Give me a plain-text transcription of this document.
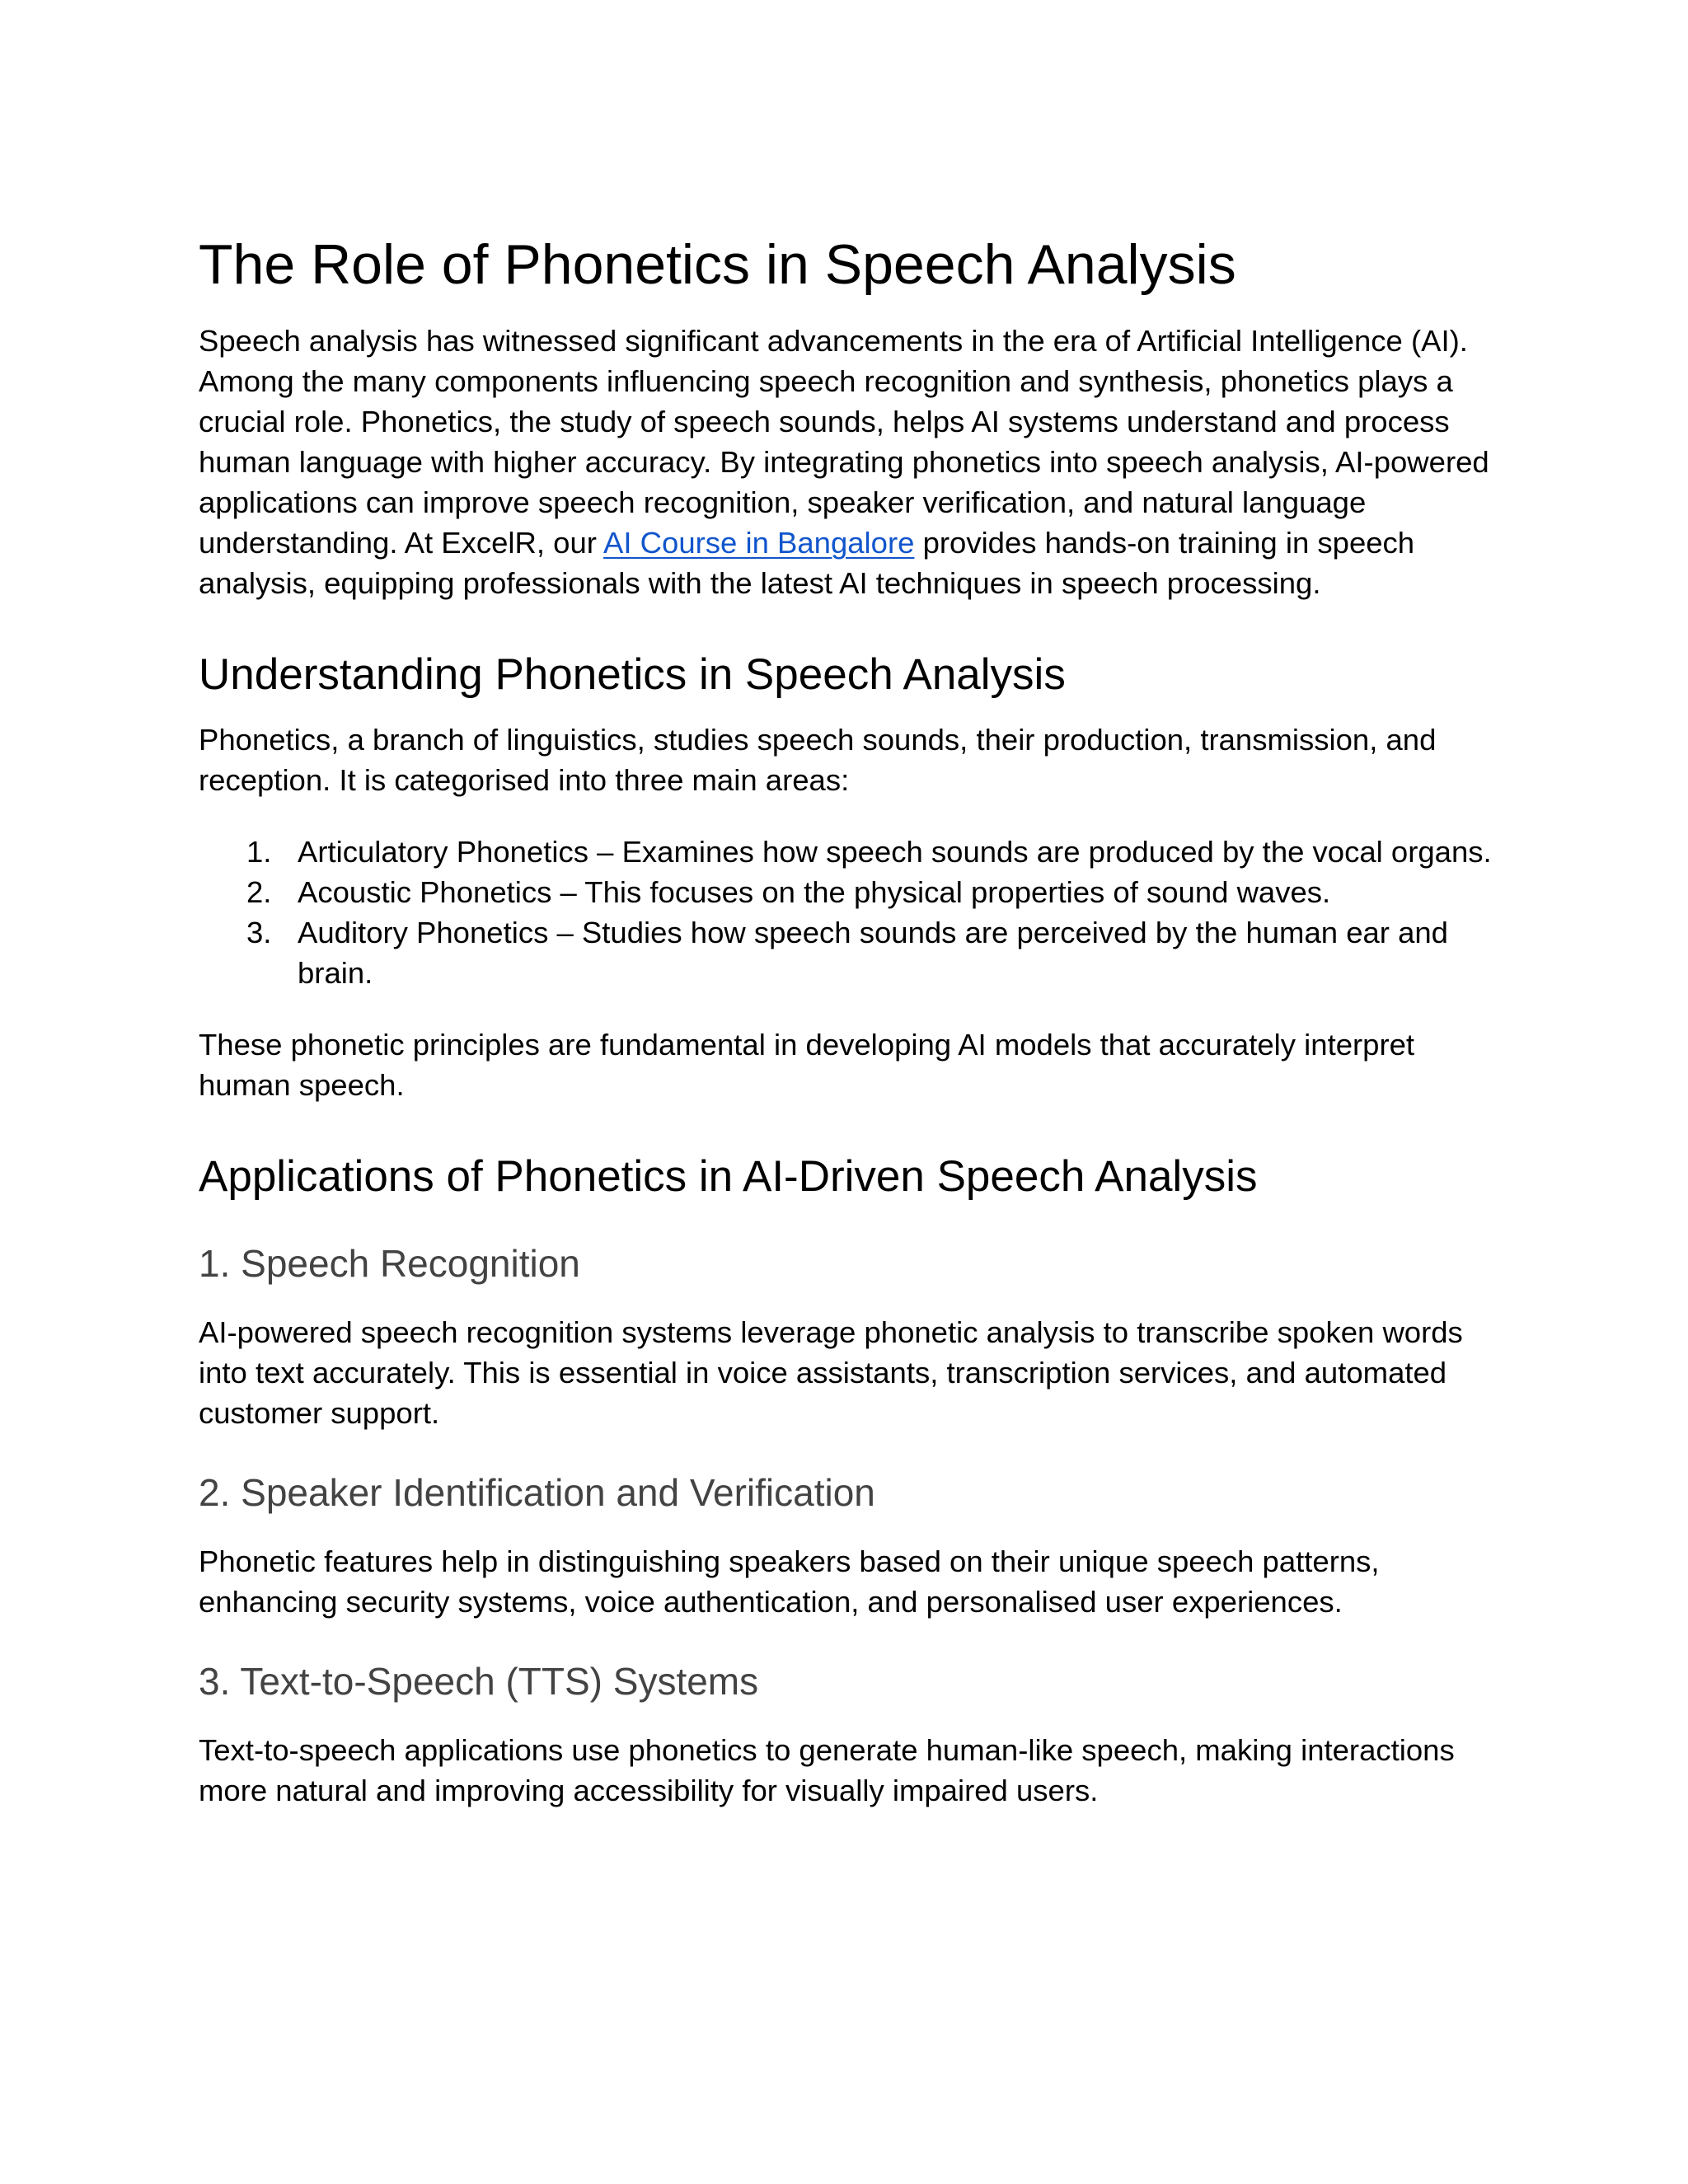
The Role of Phonetics in Speech Analysis

Speech analysis has witnessed significant advancements in the era of Artificial Intelligence (AI). Among the many components influencing speech recognition and synthesis, phonetics plays a crucial role. Phonetics, the study of speech sounds, helps AI systems understand and process human language with higher accuracy. By integrating phonetics into speech analysis, AI-powered applications can improve speech recognition, speaker verification, and natural language understanding. At ExcelR, our AI Course in Bangalore provides hands-on training in speech analysis, equipping professionals with the latest AI techniques in speech processing.

Understanding Phonetics in Speech Analysis

Phonetics, a branch of linguistics, studies speech sounds, their production, transmission, and reception. It is categorised into three main areas:

1. Articulatory Phonetics – Examines how speech sounds are produced by the vocal organs.
2. Acoustic Phonetics – This focuses on the physical properties of sound waves.
3. Auditory Phonetics – Studies how speech sounds are perceived by the human ear and brain.

These phonetic principles are fundamental in developing AI models that accurately interpret human speech.

Applications of Phonetics in AI-Driven Speech Analysis
1. Speech Recognition

AI-powered speech recognition systems leverage phonetic analysis to transcribe spoken words into text accurately. This is essential in voice assistants, transcription services, and automated customer support.

2. Speaker Identification and Verification

Phonetic features help in distinguishing speakers based on their unique speech patterns, enhancing security systems, voice authentication, and personalised user experiences.

3. Text-to-Speech (TTS) Systems

Text-to-speech applications use phonetics to generate human-like speech, making interactions more natural and improving accessibility for visually impaired users.
